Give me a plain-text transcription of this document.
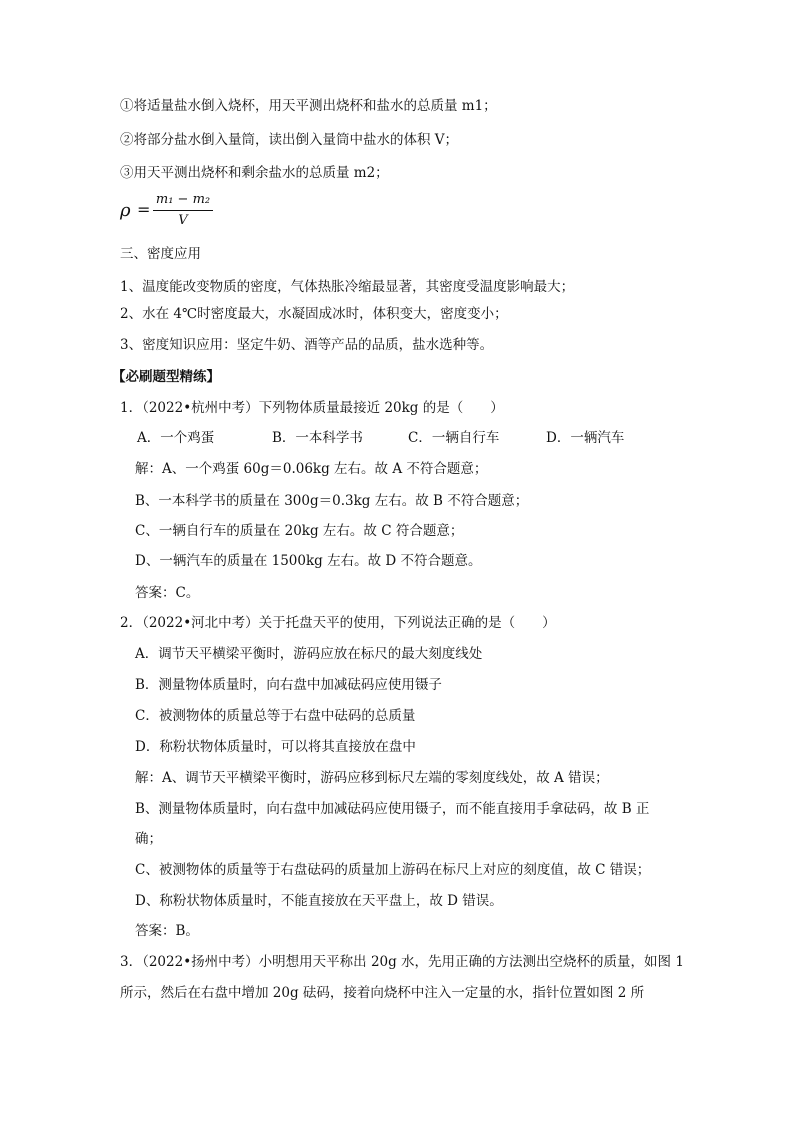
①将适量盐水倒入烧杯，用天平测出烧杯和盐水的总质量 m1；
②将部分盐水倒入量筒，读出倒入量筒中盐水的体积 V；
③用天平测出烧杯和剩余盐水的总质量 m2；
ρ =
m₁ − m₂
V
三、密度应用
1、温度能改变物质的密度，气体热胀冷缩最显著，其密度受温度影响最大；
2、水在 4℃时密度最大，水凝固成冰时，体积变大，密度变小；
3、密度知识应用：坚定牛奶、酒等产品的品质，盐水选种等。
【必刷题型精练】
1．（2022•杭州中考）下列物体质量最接近 20kg 的是（　　）
A．一个鸡蛋	B．一本科学书	C．一辆自行车	D．一辆汽车
解：A、一个鸡蛋 60g＝0.06kg 左右。故 A 不符合题意；
B、一本科学书的质量在 300g＝0.3kg 左右。故 B 不符合题意；
C、一辆自行车的质量在 20kg 左右。故 C 符合题意；
D、一辆汽车的质量在 1500kg 左右。故 D 不符合题意。
答案：C。
2．（2022•河北中考）关于托盘天平的使用，下列说法正确的是（　　）
A．调节天平横梁平衡时，游码应放在标尺的最大刻度线处
B．测量物体质量时，向右盘中加减砝码应使用镊子
C．被测物体的质量总等于右盘中砝码的总质量
D．称粉状物体质量时，可以将其直接放在盘中
解：A、调节天平横梁平衡时，游码应移到标尺左端的零刻度线处，故 A 错误；
B、测量物体质量时，向右盘中加减砝码应使用镊子，而不能直接用手拿砝码，故 B 正
确；
C、被测物体的质量等于右盘砝码的质量加上游码在标尺上对应的刻度值，故 C 错误；
D、称粉状物体质量时，不能直接放在天平盘上，故 D 错误。
答案：B。
3．（2022•扬州中考）小明想用天平称出 20g 水，先用正确的方法测出空烧杯的质量，如图 1
所示，然后在右盘中增加 20g 砝码，接着向烧杯中注入一定量的水，指针位置如图 2 所
